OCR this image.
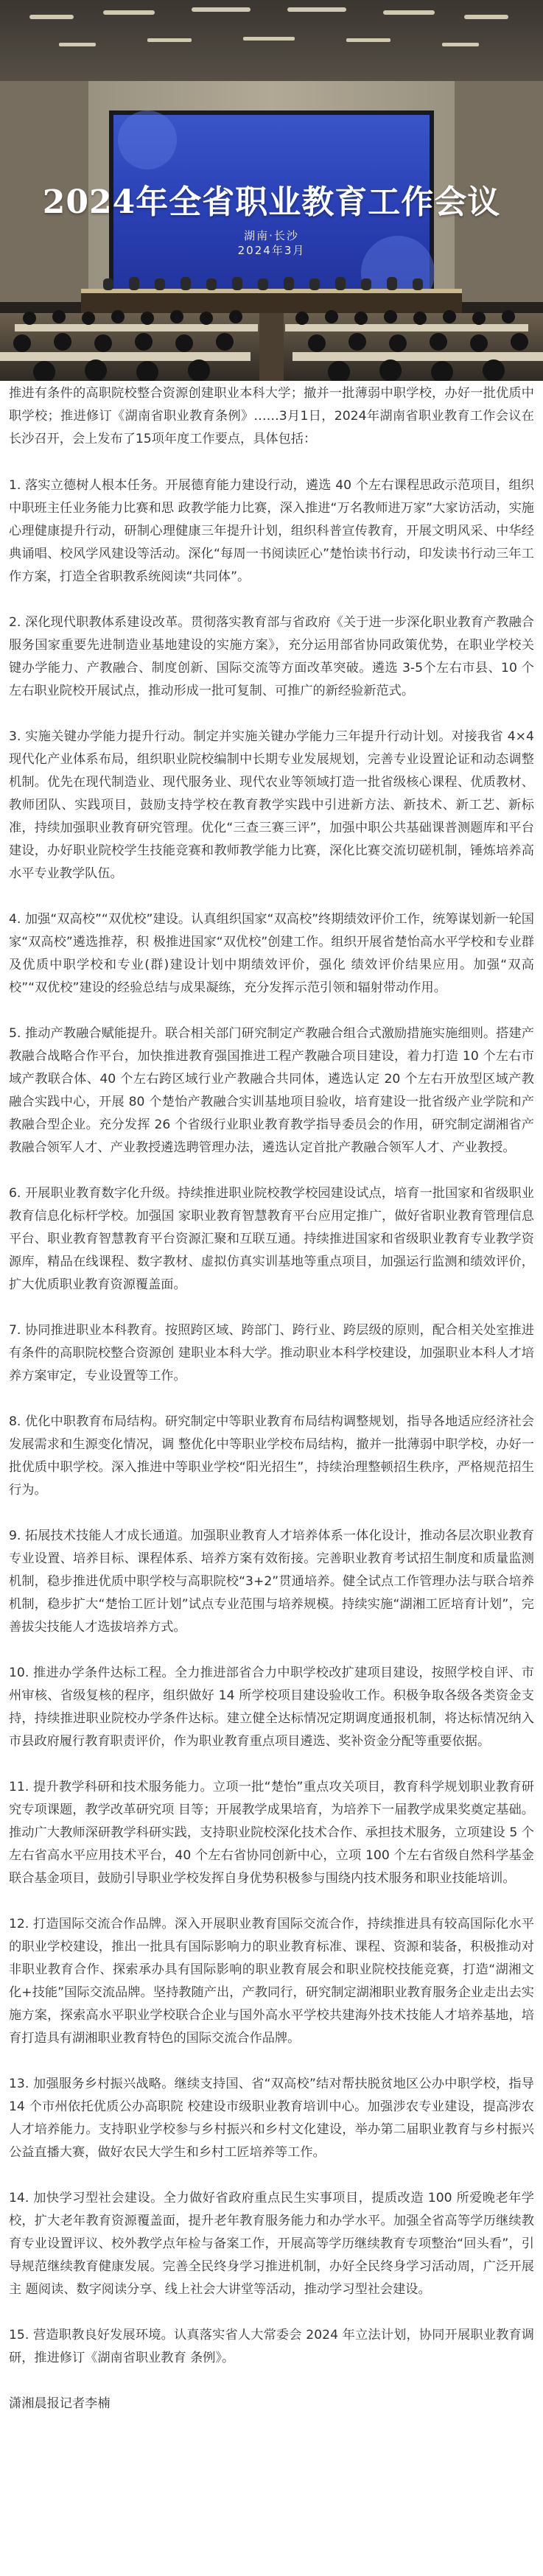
2024年全省职业教育工作会议
湖南·长沙
2024年3月

推进有条件的高职院校整合资源创建职业本科大学；撤并一批薄弱中职学校，办好一批优质中职学校；推进修订《湖南省职业教育条例》……3月1日，2024年湖南省职业教育工作会议在长沙召开，会上发布了15项年度工作要点，具体包括：

1. 落实立德树人根本任务。开展德育能力建设行动，遴选 40 个左右课程思政示范项目，组织中职班主任业务能力比赛和思 政教学能力比赛，深入推进“万名教师进万家”大家访活动，实施心理健康提升行动，研制心理健康三年提升计划，组织科普宣传教育，开展文明风采、中华经典诵唱、校风学风建设等活动。深化“每周一书阅读匠心”楚怡读书行动，印发读书行动三年工作方案，打造全省职教系统阅读“共同体”。

2. 深化现代职教体系建设改革。贯彻落实教育部与省政府《关于进一步深化职业教育产教融合 服务国家重要先进制造业基地建设的实施方案》，充分运用部省协同政策优势，在职业学校关键办学能力、产教融合、制度创新、国际交流等方面改革突破。遴选 3-5个左右市县、10 个左右职业院校开展试点，推动形成一批可复制、可推广的新经验新范式。

3. 实施关键办学能力提升行动。制定并实施关键办学能力三年提升行动计划。对接我省 4×4 现代化产业体系布局，组织职业院校编制中长期专业发展规划，完善专业设置论证和动态调整机制。优先在现代制造业、现代服务业、现代农业等领域打造一批省级核心课程、优质教材、教师团队、实践项目，鼓励支持学校在教育教学实践中引进新方法、新技术、新工艺、新标准，持续加强职业教育研究管理。优化“三查三赛三评”，加强中职公共基础课普测题库和平台建设，办好职业院校学生技能竞赛和教师教学能力比赛，深化比赛交流切磋机制，锤炼培养高水平专业教学队伍。

4. 加强“双高校”“双优校”建设。认真组织国家“双高校”终期绩效评价工作，统筹谋划新一轮国家“双高校”遴选推荐，积 极推进国家“双优校”创建工作。组织开展省楚怡高水平学校和专业群及优质中职学校和专业(群)建设计划中期绩效评价，强化 绩效评价结果应用。加强“双高校”“双优校”建设的经验总结与成果凝练，充分发挥示范引领和辐射带动作用。

5. 推动产教融合赋能提升。联合相关部门研究制定产教融合组合式激励措施实施细则。搭建产教融合战略合作平台，加快推进教育强国推进工程产教融合项目建设，着力打造 10 个左右市域产教联合体、40 个左右跨区域行业产教融合共同体，遴选认定 20 个左右开放型区域产教融合实践中心，开展 80 个楚怡产教融合实训基地项目验收，培育建设一批省级产业学院和产教融合型企业。充分发挥 26 个省级行业职业教育教学指导委员会的作用，研究制定湖湘省产教融合领军人才、产业教授遴选聘管理办法，遴选认定首批产教融合领军人才、产业教授。

6. 开展职业教育数字化升级。持续推进职业院校教学校园建设试点，培育一批国家和省级职业教育信息化标杆学校。加强国 家职业教育智慧教育平台应用定推广，做好省职业教育管理信息平台、职业教育智慧教育平台资源汇聚和互联互通。持续推进国家和省级职业教育专业教学资源库，精品在线课程、数字教材、虚拟仿真实训基地等重点项目，加强运行监测和绩效评价，扩大优质职业教育资源覆盖面。

7. 协同推进职业本科教育。按照跨区域、跨部门、跨行业、跨层级的原则，配合相关处室推进有条件的高职院校整合资源创 建职业本科大学。推动职业本科学校建设，加强职业本科人才培养方案审定，专业设置等工作。

8. 优化中职教育布局结构。研究制定中等职业教育布局结构调整规划，指导各地适应经济社会发展需求和生源变化情况，调 整优化中等职业学校布局结构，撤并一批薄弱中职学校，办好一批优质中职学校。深入推进中等职业学校“阳光招生”，持续治理整顿招生秩序，严格规范招生行为。

9. 拓展技术技能人才成长通道。加强职业教育人才培养体系一体化设计，推动各层次职业教育专业设置、培养目标、课程体系、培养方案有效衔接。完善职业教育考试招生制度和质量监测机制，稳步推进优质中职学校与高职院校“3+2”贯通培养。健全试点工作管理办法与联合培养机制，稳步扩大“楚怡工匠计划”试点专业范围与培养规模。持续实施“湖湘工匠培育计划”，完善拔尖技能人才选拔培养方式。

10. 推进办学条件达标工程。全力推进部省合力中职学校改扩建项目建设，按照学校自评、市州审核、省级复核的程序，组织做好 14 所学校项目建设验收工作。积极争取各级各类资金支持，持续推进职业院校办学条件达标。建立健全达标情况定期调度通报机制，将达标情况纳入市县政府履行教育职责评价，作为职业教育重点项目遴选、奖补资金分配等重要依据。

11. 提升教学科研和技术服务能力。立项一批“楚怡”重点攻关项目，教育科学规划职业教育研究专项课题，教学改革研究项 目等；开展教学成果培育，为培养下一届教学成果奖奠定基础。推动广大教师深研教学科研实践，支持职业院校深化技术合作、承担技术服务，立项建设 5 个左右省高水平应用技术平台，40 个左右省协同创新中心，立项 100 个左右省级自然科学基金联合基金项目，鼓励引导职业学校发挥自身优势积极参与围绕内技术服务和职业技能培训。

12. 打造国际交流合作品牌。深入开展职业教育国际交流合作，持续推进具有较高国际化水平的职业学校建设，推出一批具有国际影响力的职业教育标准、课程、资源和装备，积极推动对非职业教育合作、探索承办具有国际影响的职业教育展会和职业院校技能竞赛，打造“湖湘文化+技能”国际交流品牌。坚持教随产出，产教同行，研究制定湖湘职业教育服务企业走出去实施方案，探索高水平职业学校联合企业与国外高水平学校共建海外技术技能人才培养基地，培育打造具有湖湘职业教育特色的国际交流合作品牌。

13. 加强服务乡村振兴战略。继续支持国、省“双高校”结对帮扶脱贫地区公办中职学校，指导 14 个市州依托优质公办高职院 校建设市级职业教育培训中心。加强涉农专业建设，提高涉农人才培养能力。支持职业学校参与乡村振兴和乡村文化建设，举办第二届职业教育与乡村振兴公益直播大赛，做好农民大学生和乡村工匠培养等工作。

14. 加快学习型社会建设。全力做好省政府重点民生实事项目，提质改造 100 所爱晚老年学校，扩大老年教育资源覆盖面，提升老年教育服务能力和办学水平。加强全省高等学历继续教育专业设置评议、校外教学点年检与备案工作，开展高等学历继续教育专项整治“回头看”，引导规范继续教育健康发展。完善全民终身学习推进机制，办好全民终身学习活动周，广泛开展主 题阅读、数字阅读分享、线上社会大讲堂等活动，推动学习型社会建设。

15. 营造职教良好发展环境。认真落实省人大常委会 2024 年立法计划，协同开展职业教育调研，推进修订《湖南省职业教育 条例》。

潇湘晨报记者李楠
